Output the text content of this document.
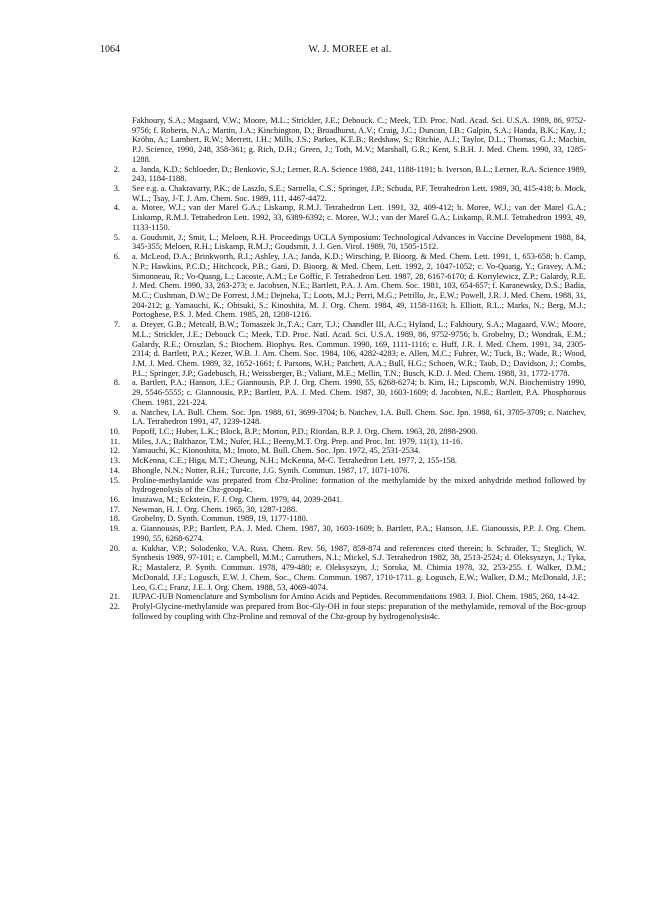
1064	W. J. MOREE et al.
Fakhoury, S.A.; Magaard, V.W.; Moore, M.L.; Strickler, J.E.; Debouck. C.; Meek, T.D. Proc. Natl. Acad. Sci. U.S.A. 1989, 86, 9752-9756; f. Roberts, N.A.; Martin, J.A.; Kinchington, D.; Broadhurst, A.V.; Craig, J.C.; Duncan, I.B.; Galpin, S.A.; Handa, B.K.; Kay, J.; Kröhn, A.; Lambert, R.W.; Merrett, J.H.; Mills, J.S.; Parkes, K.E.B.; Redshaw, S.; Ritchie, A.J.; Taylor, D.L.; Thomas, G.J.; Machin, P.J. Science, 1990, 248, 358-361; g. Rich, D.H.; Green, J.; Toth, M.V.; Marshall, G.R.; Kent, S.B.H. J. Med. Chem. 1990, 33, 1285-1288.
2. a. Janda, K.D.; Schloeder, D.; Benkovic, S.J.; Lerner, R.A. Science 1988, 241, 1188-1191; b. Iverson, B.L.; Lerner, R.A. Science 1989, 243, 1184-1188.
3. See e.g. a. Chakravarty, P.K.; de Laszlo, S.E.; Sarnella, C.S.; Springer, J.P.; Schuda, P.F. Tetrahedron Lett. 1989, 30, 415-418; b. Mock, W.L.; Tsay, J-T. J. Am. Chem. Soc. 1989, 111, 4467-4472.
4. a. Moree, W.J.; van der Marel G.A.; Liskamp, R.M.J. Tetrahedron Lett. 1991, 32, 409-412; b. Moree, W.J.; van der Marel G.A.; Liskamp, R.M.J. Tetrahedron Lett. 1992, 33, 6389-6392; c. Moree, W.J.; van der Marel G.A.; Liskamp, R.M.J. Tetrahedron 1993, 49, 1133-1150.
5. a. Goudsmit, J.; Smit, L.; Meloen, R.H. Proceedings UCLA Symposium: Technological Advances in Vaccine Development 1988, 84, 345-355; Meloen, R.H.; Liskamp, R.M.J.; Goudsmit, J. J. Gen. Virol. 1989, 70, 1505-1512.
6. a. McLeod, D.A.; Brinkworth, R.I.; Ashley, J.A.; Janda, K.D.; Wirsching, P. Bioorg. & Med. Chem. Lett. 1991, 1, 653-658; b. Camp, N.P.; Hawkins, P.C.D.; Hitchcock, P.B.; Gani, D. Bioorg. & Med. Chem. Lett. 1992, 2, 1047-1052; c. Vo-Quang, Y.; Gravey, A.M.; Simonneau, R.; Vo-Quang, L.; Lacoste, A.M.; Le Goffic, F. Tetrahedron Lett. 1987, 28, 6167-6170; d. Kortylewicz, Z.P.; Galardy, R.E. J. Med. Chem. 1990, 33, 263-273; e. Jacobsen, N.E.; Bartlett, P.A. J. Am. Chem. Soc. 1981, 103, 654-657; f. Karanewsky, D.S.; Badia, M.C.; Cushman, D.W.; De Forrest, J.M.; Dejneka, T.; Loots, M.J.; Perri, M.G.; Petrillo, Jr., E.W.; Powell, J.R. J. Med. Chem. 1988, 31, 204-212; g. Yamauchi, K.; Ohtsuki, S.; Kinoshita, M. J. Org. Chem. 1984, 49, 1158-1163; h. Elliott, R.L.; Marks, N.; Berg, M.J.; Portoghese, P.S. J. Med. Chem. 1985, 28, 1208-1216.
7. a. Dreyer, G.B.; Metcalf, B.W.; Tomaszek Jr.,T.A.; Carr, T.J.; Chandler III, A.C.; Hyland, L.; Fakhoury, S.A.; Magaard, V.W.; Moore, M.L.; Strickler, J.E.; Debouck C.; Meek, T.D. Proc. Natl. Acad. Sci. U.S.A. 1989, 86, 9752-9756; b. Grobelny, D.; Wondrak, E.M.; Galardy, R.E.; Oroszlan, S.; Biochem. Biophys. Res. Commun. 1990, 169, 1111-1116; c. Huff, J.R. J. Med. Chem. 1991, 34, 2305-2314; d. Bartlett, P.A.; Kezer, W.B. J. Am. Chem. Soc. 1984, 106, 4282-4283; e. Allen, M.C.; Fuhrer, W.; Tuck, B.; Wade, R.; Wood, J.M. J. Med. Chem. 1989, 32, 1652-1661; f. Parsons, W.H.; Patchett, A.A.; Bull, H.G.; Schoen, W.R.; Taub, D.; Davidson, J.; Combs, P.L.; Springer, J.P.; Gadebusch, H.; Weissberger, B.; Valiant, M.E.; Mellin, T.N.; Busch, K.D. J. Med. Chem. 1988, 31, 1772-1778.
8. a. Bartlett, P.A.; Hanson, J.E.; Giannousis, P.P. J. Org. Chem. 1990, 55, 6268-6274; b. Kim, H.; Lipscomb, W.N. Biochemistry 1990, 29, 5546-5555; c. Giannousis, P.P.; Bartlett, P.A. J. Med. Chem. 1987, 30, 1603-1609; d. Jacobsen, N.E.; Bartlett, P.A. Phosphorous Chem. 1981, 221-224.
9. a. Natchev, I.A. Bull. Chem. Soc. Jpn. 1988, 61, 3699-3704; b. Natchev, I.A. Bull. Chem. Soc. Jpn. 1988, 61, 3705-3709; c. Natchev, I.A. Tetrahedron 1991, 47, 1239-1248.
10. Popoff, I.C.; Huber, L.K.; Block, B.P.; Morton, P.D.; Riordan, R.P. J. Org. Chem. 1963, 28, 2898-2900.
11. Miles, J.A.; Balthazor, T.M.; Nufer, H.L.; Beeny,M.T. Org. Prep. and Proc. Int. 1979, 11(1), 11-16.
12. Yamauchi, K.; Kionoshita, M.; Imoto, M. Bull. Chem. Soc. Jpn. 1972, 45, 2531-2534.
13. McKenna, C.E.; Higa, M.T.; Cheung, N.H.; McKenna, M-C. Tetrahedron Lett. 1977, 2, 155-158.
14. Bhongle, N.N.; Notter, R.H.; Turcotte, J.G. Synth. Commun. 1987, 17, 1071-1076.
15. Proline-methylamide was prepared from Cbz-Proline: formation of the methylamide by the mixed anhydride method followed by hydrogenolysis of the Cbz-group4c.
16. Imazawa, M.; Eckstein, F. J. Org. Chem. 1979, 44, 2039-2041.
17. Newman, H. J. Org. Chem. 1965, 30, 1287-1288.
18. Grobelny, D. Synth. Commun. 1989, 19, 1177-1180.
19. a. Giannousis, P.P.; Bartlett, P.A. J. Med. Chem. 1987, 30, 1603-1609; b. Bartlett, P.A.; Hanson, J.E. Gianoussis, P.P. J. Org. Chem. 1990, 55, 6268-6274.
20. a. Kukhar, V.P.; Solodenko, V.A. Russ. Chem. Rev. 56, 1987, 859-874 and references cited therein; b. Schrader, T.; Steglich, W. Synthesis 1989, 97-101; c. Campbell, M.M.; Carruthers, N.I.; Mickel, S.J. Tetrahedron 1982, 38, 2513-2524; d. Oleksyszyn, J.; Tyka, R.; Mastalerz, P. Synth. Commun. 1978, 479-480; e. Oleksyszyn, J.; Soroka, M. Chimia 1978, 32, 253-255. f. Walker, D.M.; McDonald, J.F.; Logusch, E.W. J. Chem. Soc., Chem. Commun. 1987, 1710-1711. g. Logusch, E.W.; Walker, D.M.; McDonald, J.F.; Leo, G.C.; Franz, J.E. J. Org. Chem. 1988, 53, 4069-4074.
21. IUPAC-IUB Nomenclature and Symbolism for Amino Acids and Peptides. Recommendations 1983. J. Biol. Chem. 1985, 260, 14-42.
22. Prolyl-Glycine-methylamide was prepared from Boc-Gly-OH in four steps: preparation of the methylamide, removal of the Boc-group followed by coupling with Cbz-Proline and removal of the Cbz-group by hydrogenolysis4c.
